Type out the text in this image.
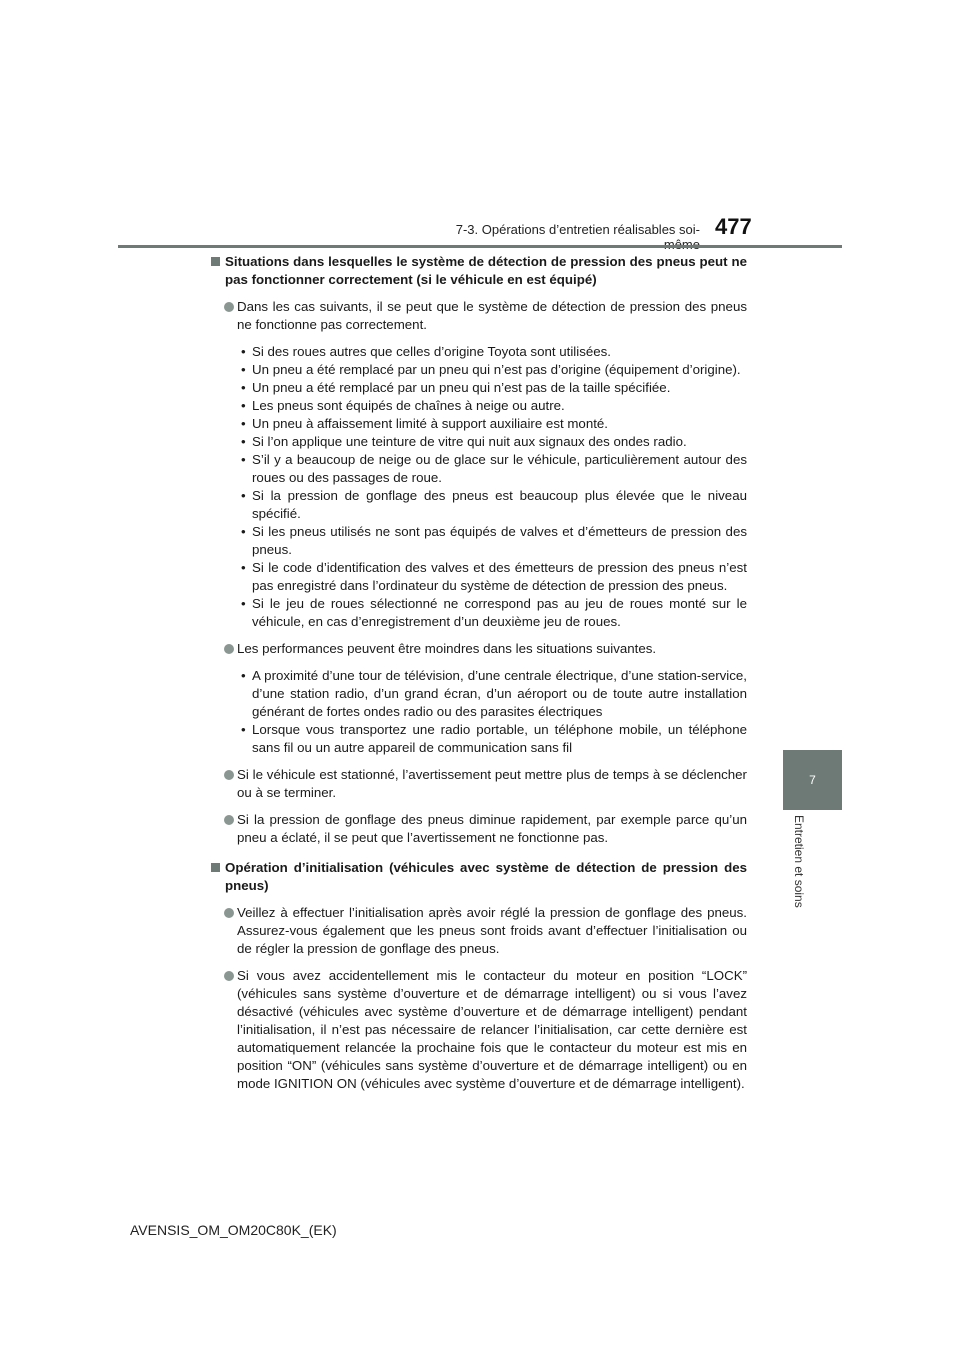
7-3. Opérations d’entretien réalisables soi- 477
7
Entretien et soins
Situations dans lesquelles le système de détection de pression des pneus peut ne pas fonctionner correctement (si le véhicule en est équipé)
Dans les cas suivants, il se peut que le système de détection de pression des pneus ne fonctionne pas correctement.
• Si des roues autres que celles d’origine Toyota sont utilisées.
• Un pneu a été remplacé par un pneu qui n’est pas d’origine (équipement d’origine).
• Un pneu a été remplacé par un pneu qui n’est pas de la taille spécifiée.
• Les pneus sont équipés de chaînes à neige ou autre.
• Un pneu à affaissement limité à support auxiliaire est monté.
• Si l’on applique une teinture de vitre qui nuit aux signaux des ondes radio.
• S’il y a beaucoup de neige ou de glace sur le véhicule, particulièrement autour des roues ou des passages de roue.
• Si la pression de gonflage des pneus est beaucoup plus élevée que le niveau spécifié.
• Si les pneus utilisés ne sont pas équipés de valves et d’émetteurs de pression des pneus.
• Si le code d’identification des valves et des émetteurs de pression des pneus n’est pas enregistré dans l’ordinateur du système de détection de pression des pneus.
• Si le jeu de roues sélectionné ne correspond pas au jeu de roues monté sur le véhicule, en cas d’enregistrement d’un deuxième jeu de roues.
Les performances peuvent être moindres dans les situations suivantes.
• A proximité d’une tour de télévision, d’une centrale électrique, d’une station-service, d’une station radio, d’un grand écran, d’un aéroport ou de toute autre installation générant de fortes ondes radio ou des parasites électriques
• Lorsque vous transportez une radio portable, un téléphone mobile, un téléphone sans fil ou un autre appareil de communication sans fil
Si le véhicule est stationné, l’avertissement peut mettre plus de temps à se déclencher ou à se terminer.
Si la pression de gonflage des pneus diminue rapidement, par exemple parce qu’un pneu a éclaté, il se peut que l’avertissement ne fonctionne pas.
Opération d’initialisation (véhicules avec système de détection de pression des pneus)
Veillez à effectuer l’initialisation après avoir réglé la pression de gonflage des pneus. Assurez-vous également que les pneus sont froids avant d’effectuer l’initialisation ou de régler la pression de gonflage des pneus.
Si vous avez accidentellement mis le contacteur du moteur en position “LOCK” (véhicules sans système d’ouverture et de démarrage intelligent) ou si vous l’avez désactivé (véhicules avec système d’ouverture et de démarrage intelligent) pendant l’initialisation, il n’est pas nécessaire de relancer l’initialisation, car cette dernière est automatiquement relancée la prochaine fois que le contacteur du moteur est mis en position “ON” (véhicules sans système d’ouverture et de démarrage intelligent) ou en mode IGNITION ON (véhicules avec système d’ouverture et de démarrage intelligent).
AVENSIS_OM_OM20C80K_(EK)
